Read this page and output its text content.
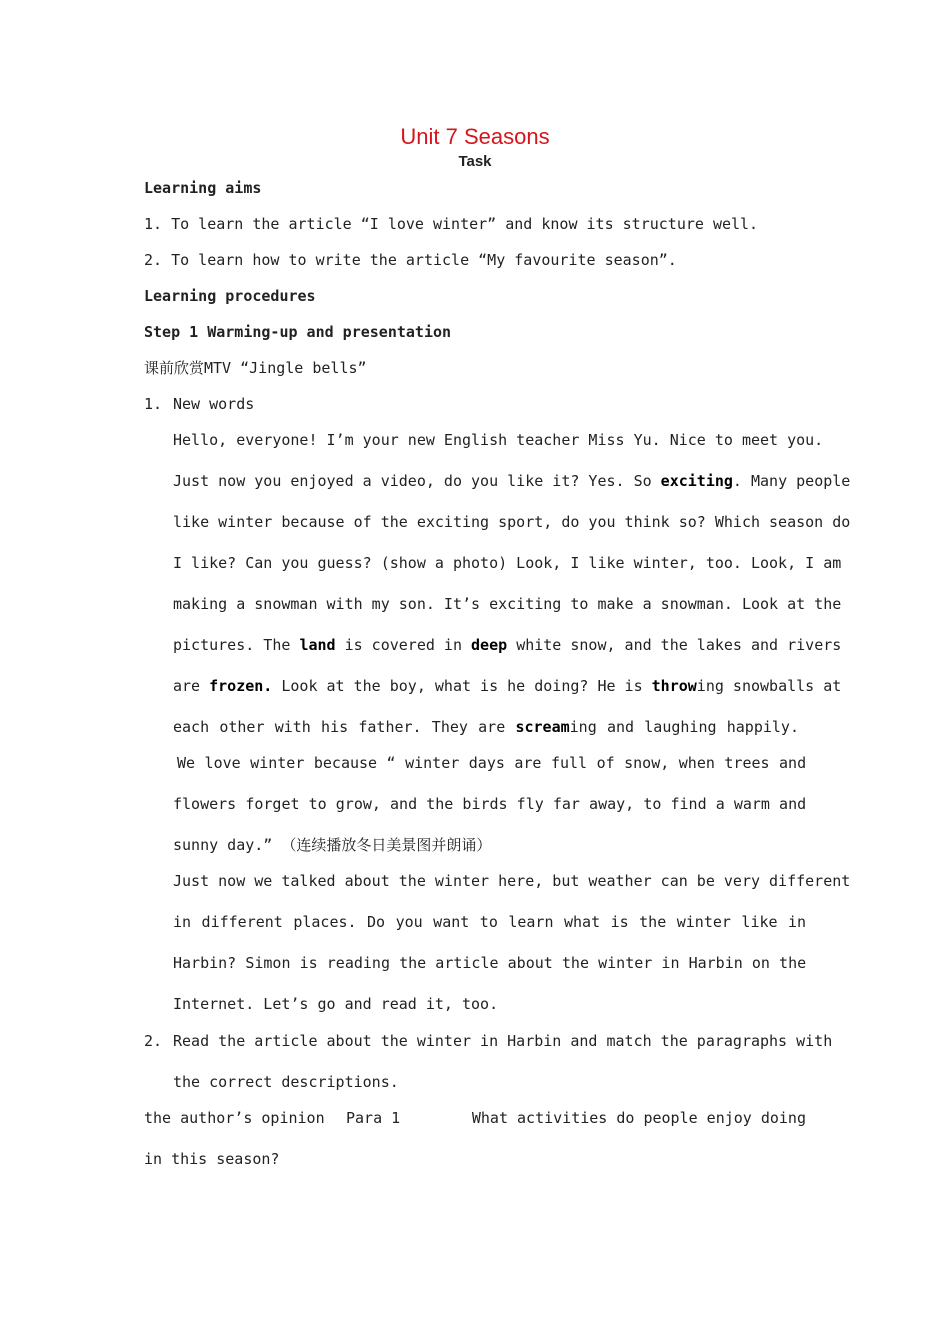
Unit 7 Seasons
Task
Learning aims
1. To learn the article “I love winter” and know its structure well.
2. To learn how to write the article “My favourite season”.
Learning procedures
Step 1 Warming-up and presentation
课前欣赏MTV “Jingle bells”
1. New words
Hello, everyone! I’m your new English teacher Miss Yu. Nice to meet you.
Just now you enjoyed a video, do you like it? Yes. So exciting. Many people
like winter because of the exciting sport, do you think so? Which season do
I like? Can you guess? (show a photo) Look, I like winter, too. Look, I am
making a snowman with my son. It’s exciting to make a snowman. Look at the
pictures. The land is covered in deep white snow, and the lakes and rivers
are frozen. Look at the boy, what is he doing? He is throwing snowballs at
each other with his father. They are screaming and laughing happily.
We love winter because “ winter days are full of snow, when trees and
flowers forget to grow, and the birds fly far away, to find a warm and
sunny day.” （连续播放冬日美景图并朗诵）
Just now we talked about the winter here, but weather can be very different
in different places. Do you want to learn what is the winter like in
Harbin? Simon is reading the article about the winter in Harbin on the
Internet. Let’s go and read it, too.
2. Read the article about the winter in Harbin and match the paragraphs with
the correct descriptions.
the author’s opinion Para 1	What activities do people enjoy doing
in this season?
